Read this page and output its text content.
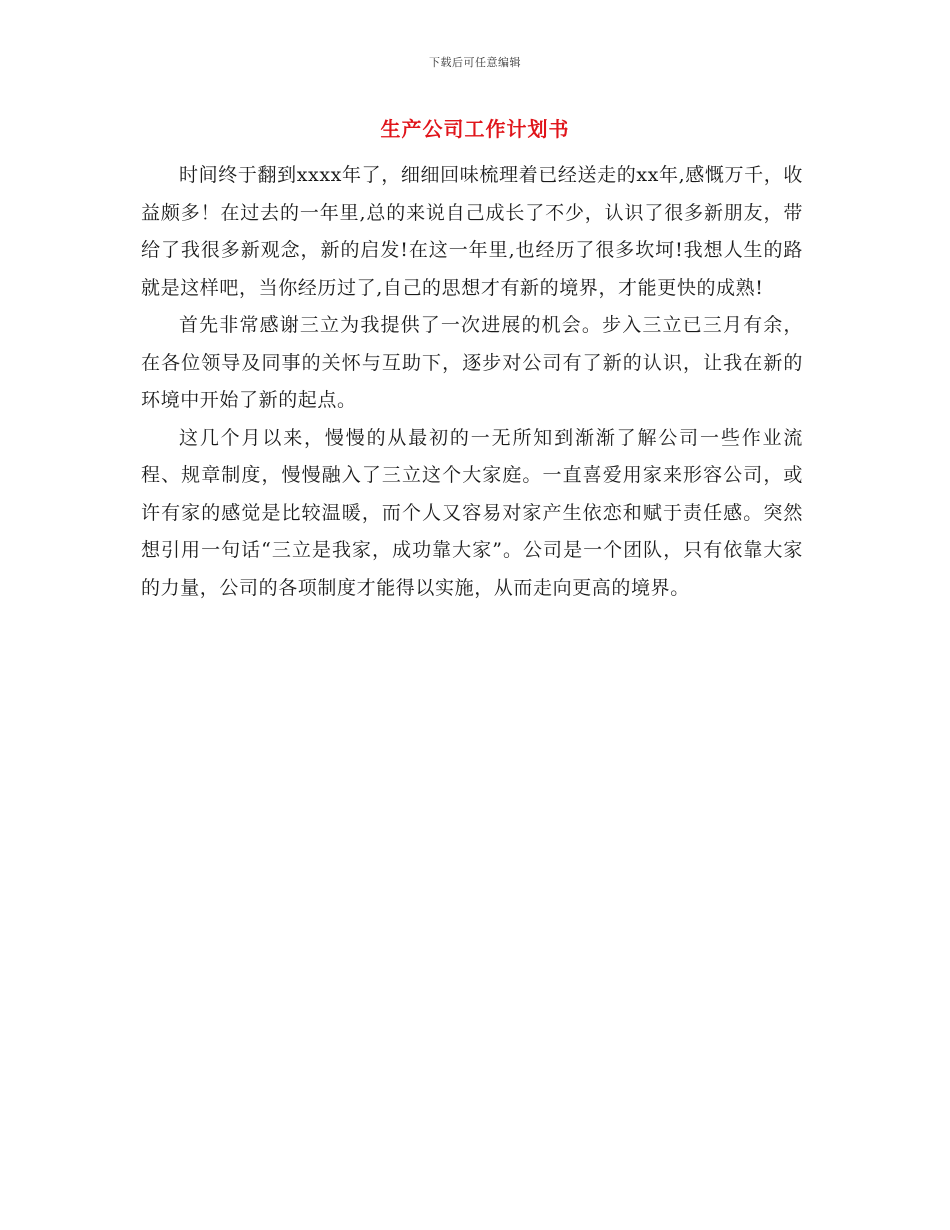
下载后可任意编辑
生产公司工作计划书

时间终于翻到xxxx年了，细细回味梳理着已经送走的xx年,感慨万千，收益颇多！在过去的一年里,总的来说自己成长了不少，认识了很多新朋友，带给了我很多新观念，新的启发!在这一年里,也经历了很多坎坷!我想人生的路就是这样吧，当你经历过了,自己的思想才有新的境界，才能更快的成熟!

首先非常感谢三立为我提供了一次进展的机会。步入三立已三月有余，在各位领导及同事的关怀与互助下，逐步对公司有了新的认识，让我在新的环境中开始了新的起点。

这几个月以来，慢慢的从最初的一无所知到渐渐了解公司一些作业流程、规章制度，慢慢融入了三立这个大家庭。一直喜爱用家来形容公司，或许有家的感觉是比较温暖，而个人又容易对家产生依恋和赋于责任感。突然想引用一句话“三立是我家，成功靠大家”。公司是一个团队，只有依靠大家的力量，公司的各项制度才能得以实施，从而走向更高的境界。
